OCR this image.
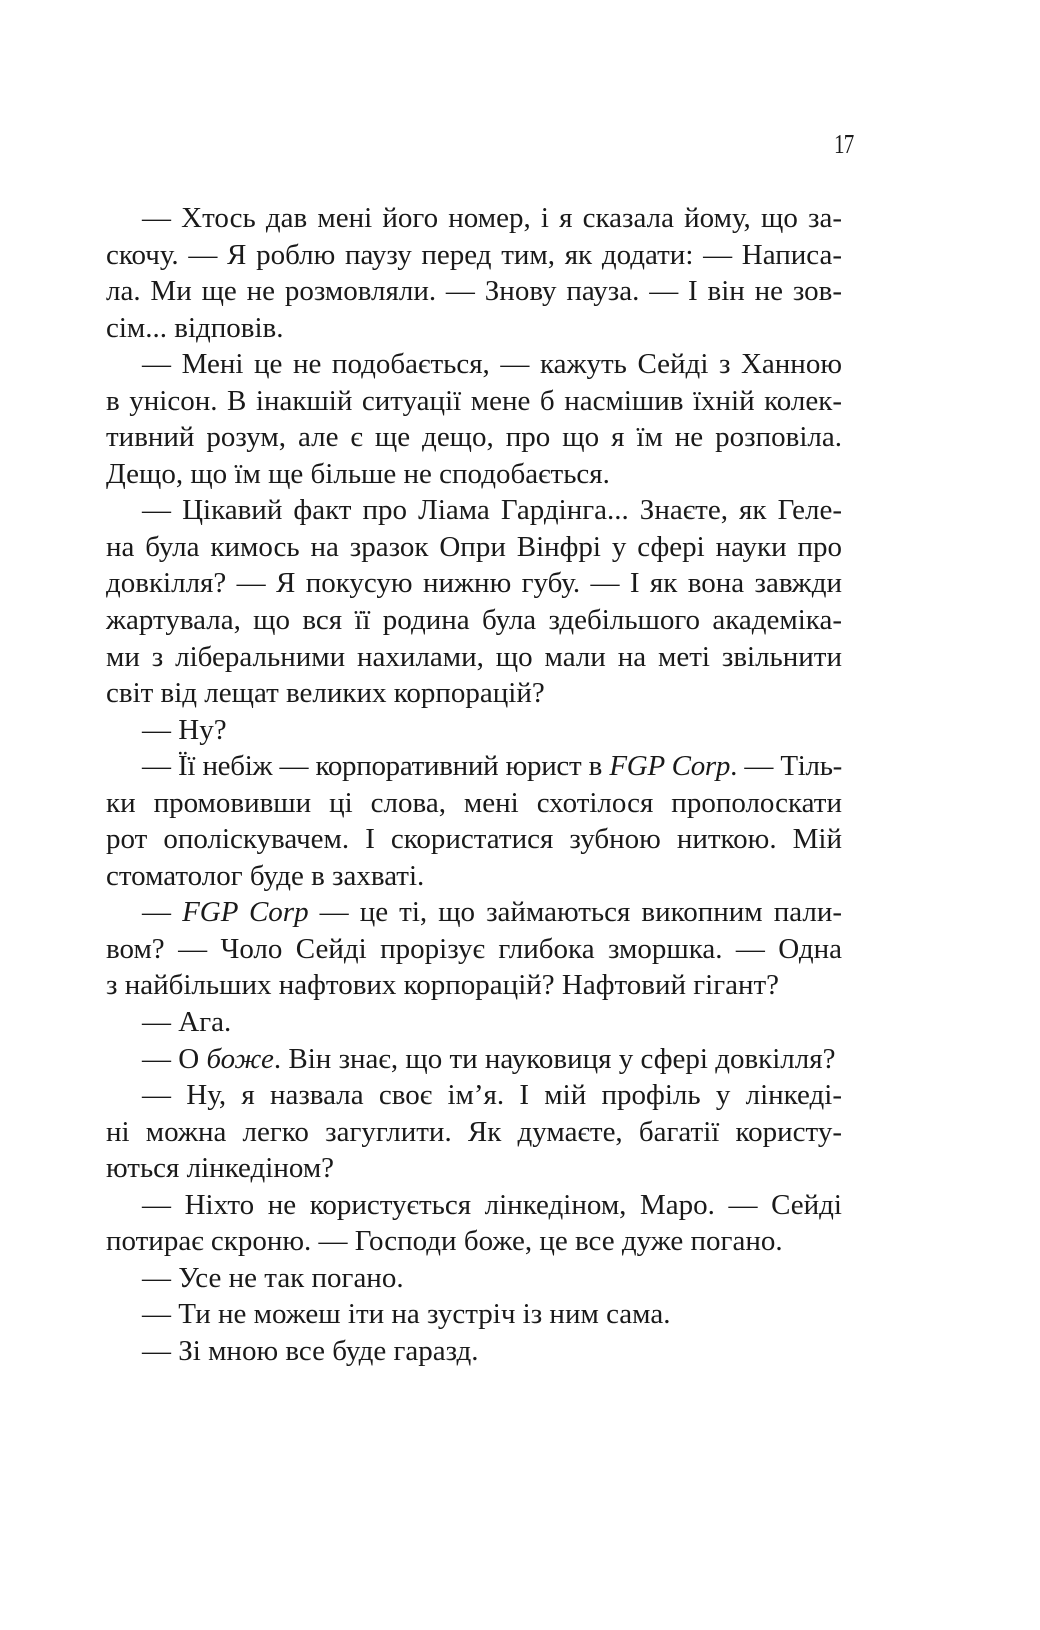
17
— Хтось дав мені його номер, і я сказала йому, що за-
скочу. — Я роблю паузу перед тим, як додати: — Написа-
ла. Ми ще не розмовляли. — Знову пауза. — І він не зов-
сім... відповів.
— Мені це не подобається, — кажуть Сейді з Ханною
в унісон. В інакшій ситуації мене б насмішив їхній колек-
тивний розум, але є ще дещо, про що я їм не розповіла.
Дещо, що їм ще більше не сподобається.
— Цікавий факт про Ліама Гардінга... Знаєте, як Геле-
на була кимось на зразок Опри Вінфрі у сфері науки про
довкілля? — Я покусую нижню губу. — І як вона завжди
жартувала, що вся її родина була здебільшого академіка-
ми з ліберальними нахилами, що мали на меті звільнити
світ від лещат великих корпорацій?
— Ну?
— Її небіж — корпоративний юрист в FGP Corp. — Тіль-
ки промовивши ці слова, мені схотілося прополоскати
рот ополіскувачем. І скористатися зубною ниткою. Мій
стоматолог буде в захваті.
— FGP Corp — це ті, що займаються викопним пали-
вом? — Чоло Сейді прорізує глибока зморшка. — Одна
з найбільших нафтових корпорацій? Нафтовий гігант?
— Ага.
— О боже. Він знає, що ти науковиця у сфері довкілля?
— Ну, я назвала своє ім’я. І мій профіль у лінкеді-
ні можна легко загуглити. Як думаєте, багатії користу-
ються лінкедіном?
— Ніхто не користується лінкедіном, Маро. — Сейді
потирає скроню. — Господи боже, це все дуже погано.
— Усе не так погано.
— Ти не можеш іти на зустріч із ним сама.
— Зі мною все буде гаразд.
